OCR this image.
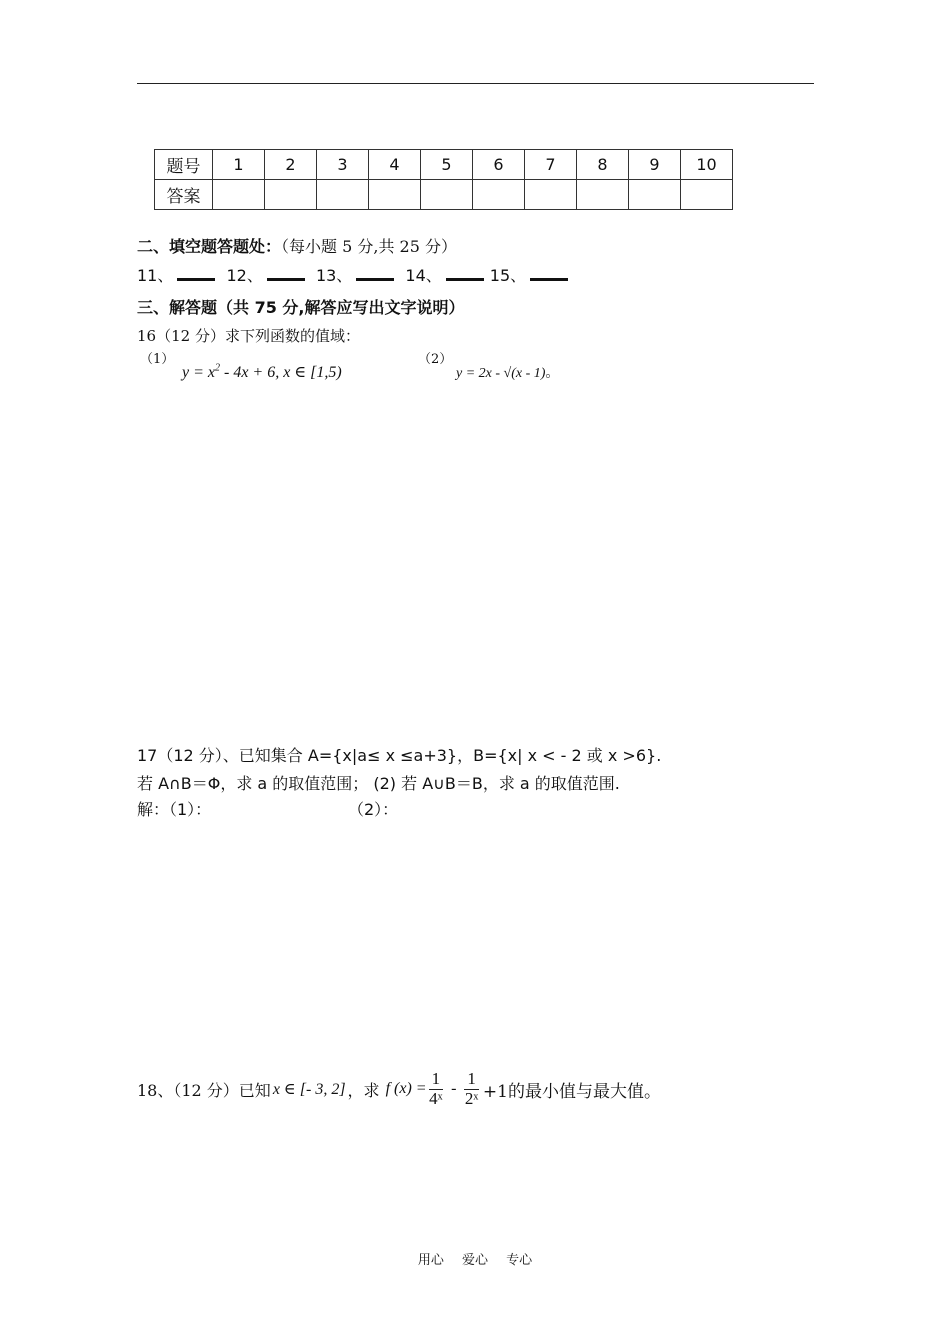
题号	1	2	3	4	5	6	7	8	9	10
答案										
二、填空题答题处：（每小题 5 分,共 25 分）
11、	12、	13、	14、	15、
三、解答题（共 75 分,解答应写出文字说明）
16（12 分）求下列函数的值域：
（1）
$y = x^2 - 4x + 6$, x ∈ [1,5)
（2）
y = 2x - √(x - 1)。
17（12 分）、已知集合 A={x|a≤ x ≤a+3}，B={x| x < - 2 或 x >6}.
若 A∩B＝Φ，求 a 的取值范围； (2) 若 A∪B＝B，求 a 的取值范围.
解：（1）：	（2）：
18、（12 分）已知 x ∈ [- 3, 2] ，求 f $(x) = \frac{1}{\text{4ˣ}} - \frac{1}{\text{2ˣ}} +1$的最小值与最大值。
用心 爱心 专心
